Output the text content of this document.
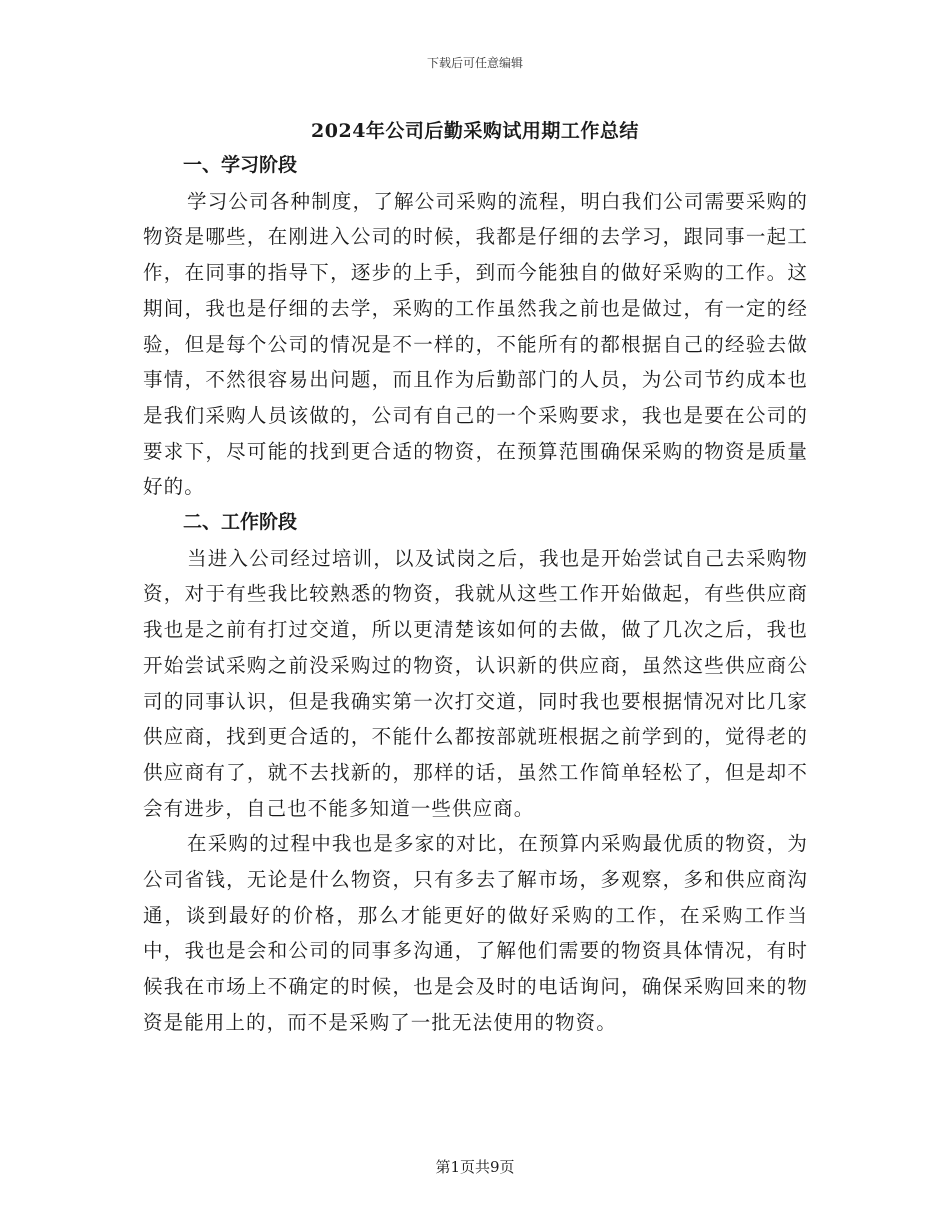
下载后可任意编辑
2024年公司后勤采购试用期工作总结
一、学习阶段

学习公司各种制度，了解公司采购的流程，明白我们公司需要采购的物资是哪些，在刚进入公司的时候，我都是仔细的去学习，跟同事一起工作，在同事的指导下，逐步的上手，到而今能独自的做好采购的工作。这期间，我也是仔细的去学，采购的工作虽然我之前也是做过，有一定的经验，但是每个公司的情况是不一样的，不能所有的都根据自己的经验去做事情，不然很容易出问题，而且作为后勤部门的人员，为公司节约成本也是我们采购人员该做的，公司有自己的一个采购要求，我也是要在公司的要求下，尽可能的找到更合适的物资，在预算范围确保采购的物资是质量好的。

二、工作阶段

当进入公司经过培训，以及试岗之后，我也是开始尝试自己去采购物资，对于有些我比较熟悉的物资，我就从这些工作开始做起，有些供应商我也是之前有打过交道，所以更清楚该如何的去做，做了几次之后，我也开始尝试采购之前没采购过的物资，认识新的供应商，虽然这些供应商公司的同事认识，但是我确实第一次打交道，同时我也要根据情况对比几家供应商，找到更合适的，不能什么都按部就班根据之前学到的，觉得老的供应商有了，就不去找新的，那样的话，虽然工作简单轻松了，但是却不会有进步，自己也不能多知道一些供应商。

在采购的过程中我也是多家的对比，在预算内采购最优质的物资，为公司省钱，无论是什么物资，只有多去了解市场，多观察，多和供应商沟通，谈到最好的价格，那么才能更好的做好采购的工作，在采购工作当中，我也是会和公司的同事多沟通，了解他们需要的物资具体情况，有时候我在市场上不确定的时候，也是会及时的电话询问，确保采购回来的物资是能用上的，而不是采购了一批无法使用的物资。

第1页共9页
